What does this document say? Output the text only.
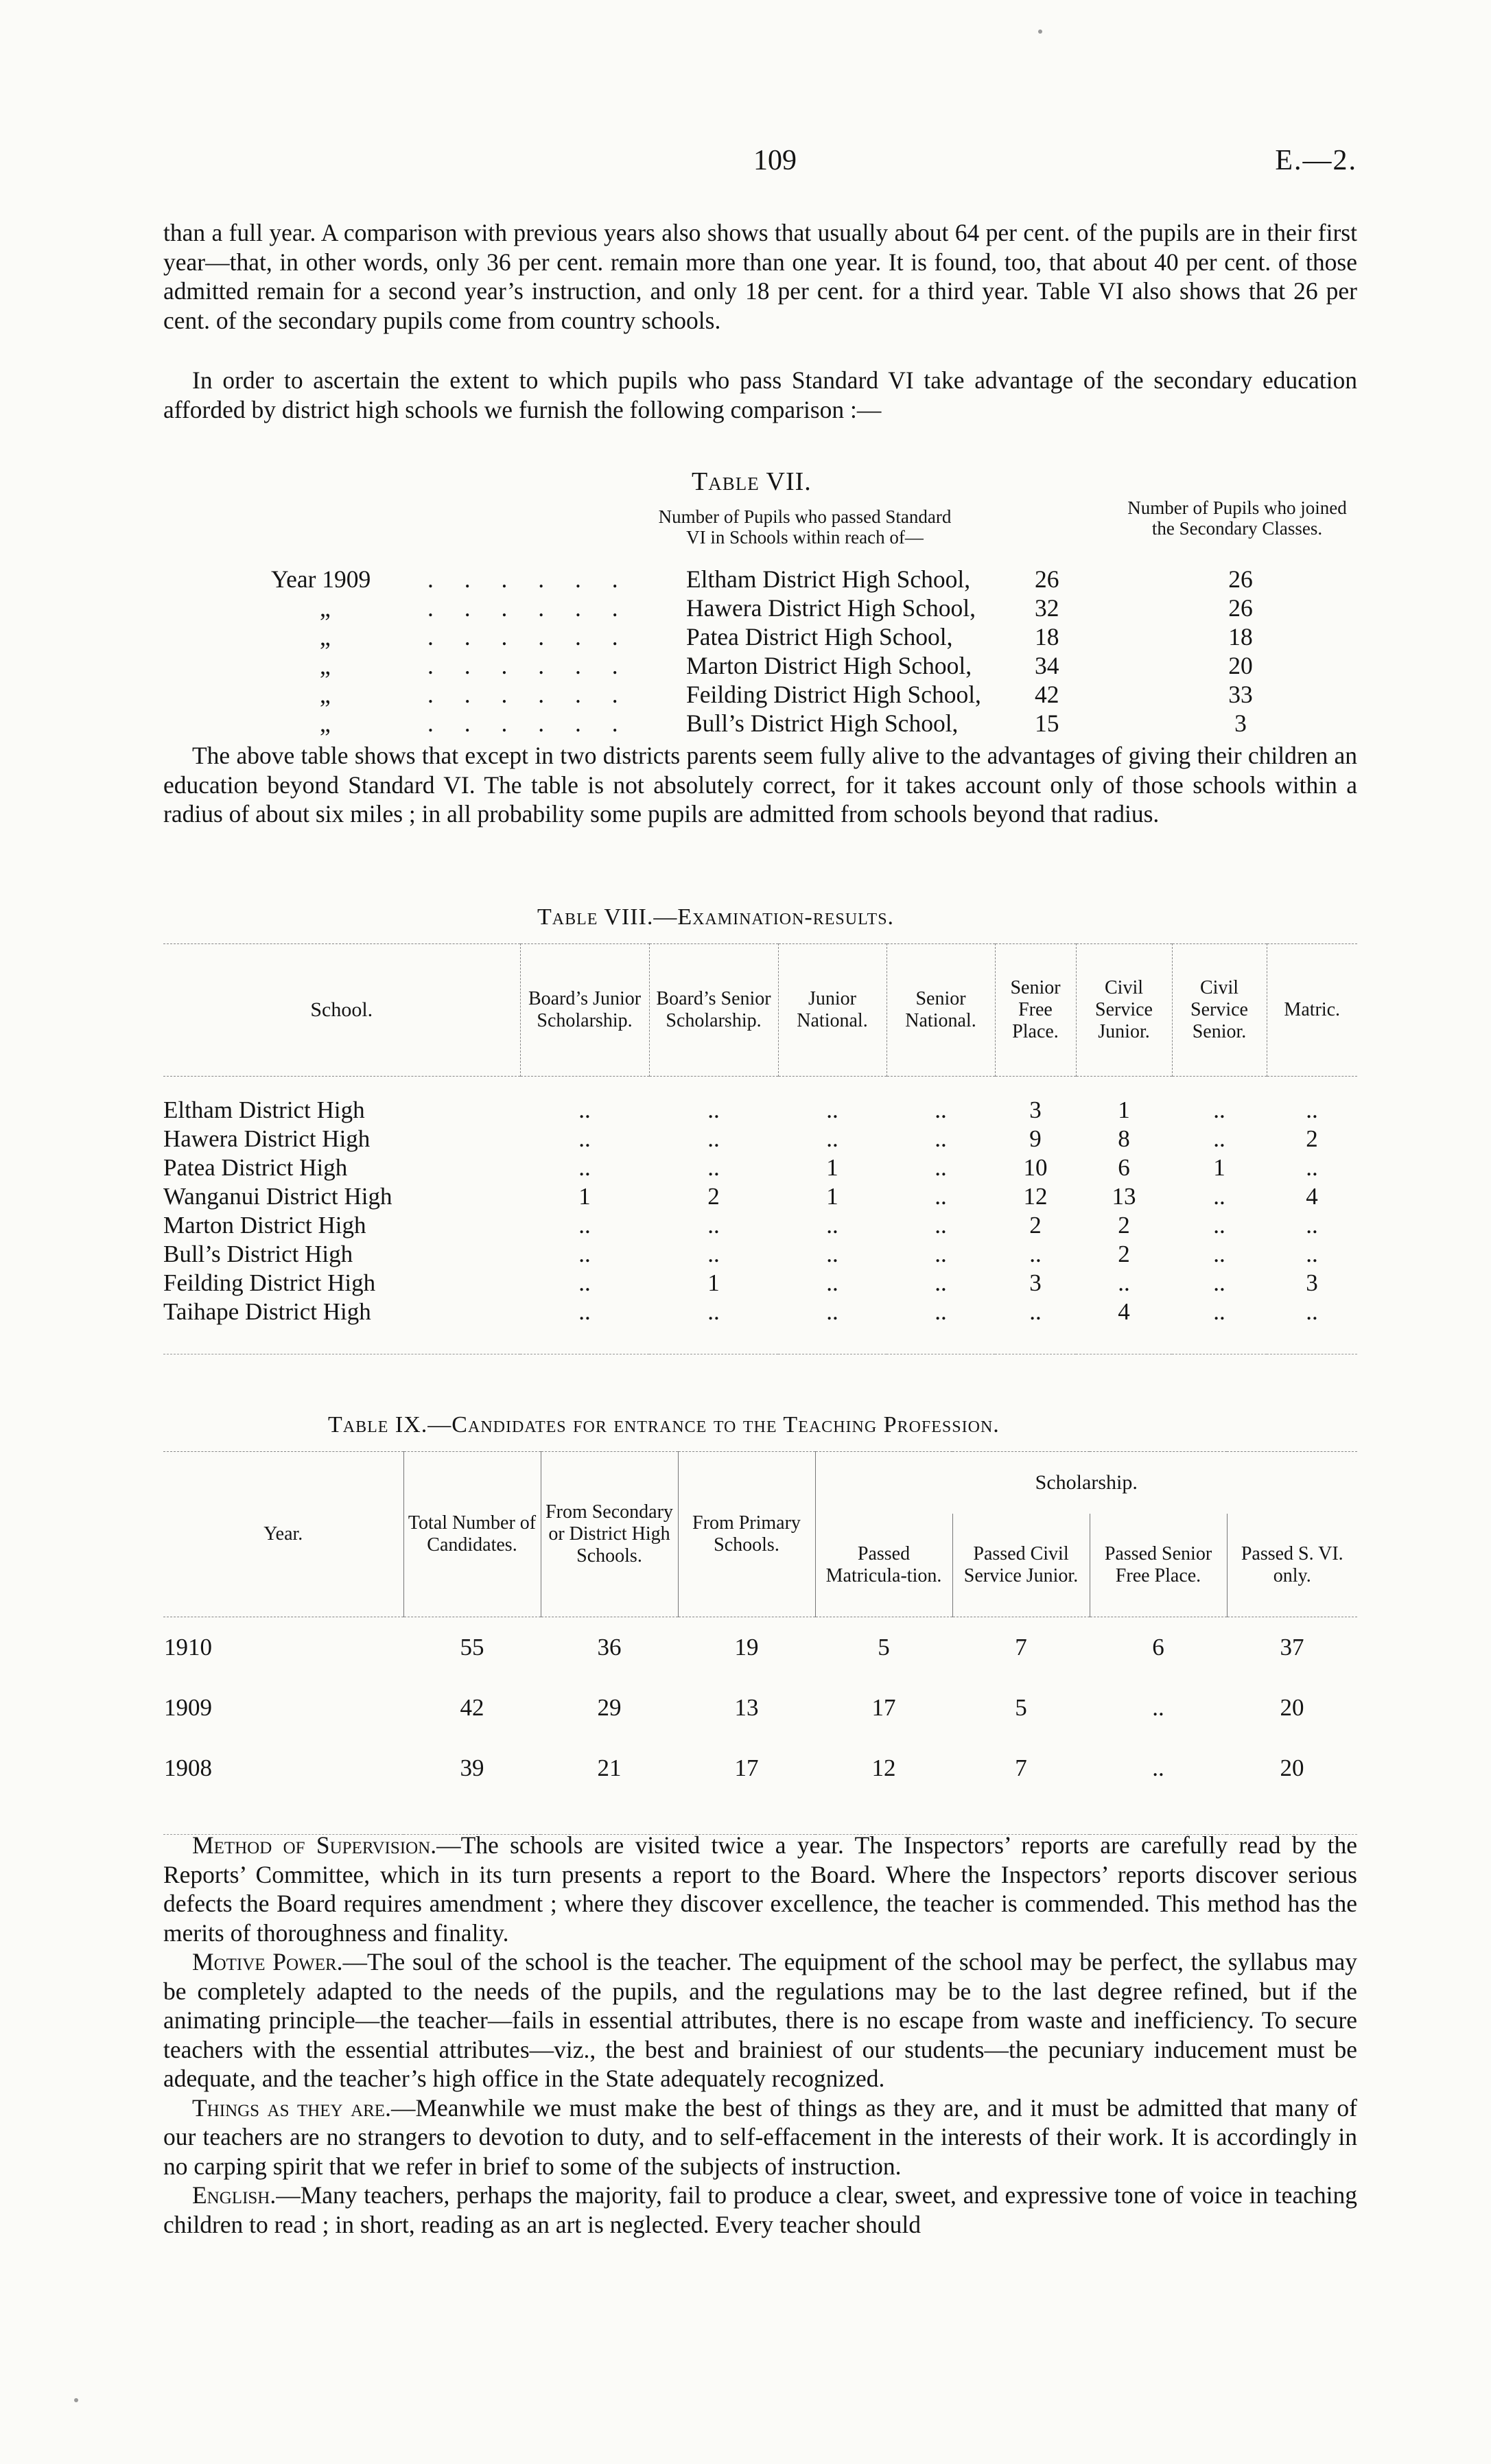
109	E.—2.

than a full year. A comparison with previous years also shows that usually about 64 per cent. of the pupils are in their first year—that, in other words, only 36 per cent. remain more than one year. It is found, too, that about 40 per cent. of those admitted remain for a second year’s instruction, and only 18 per cent. for a third year. Table VI also shows that 26 per cent. of the secondary pupils come from country schools.

In order to ascertain the extent to which pupils who pass Standard VI take advantage of the secondary education afforded by district high schools we furnish the following comparison :—

Table VII.
Number of Pupils who passed Standard VI in Schools within reach of—
Number of Pupils who joined the Secondary Classes.
Year 1909 . . . . . . Eltham District High School,	26	26
„	. . . . . . Hawera District High School, 32	26
„	. . . . . . Patea District High School,	18	18
„	. . . . . . Marton District High School,	34	20
„	. . . . . . Feilding District High School, 42	33
„	. . . . . . Bull’s District High School,	15	3

The above table shows that except in two districts parents seem fully alive to the advantages of giving their children an education beyond Standard VI. The table is not absolutely correct, for it takes account only of those schools within a radius of about six miles ; in all probability some pupils are admitted from schools beyond that radius.

Table VIII.—Examination-results.
School.	Board’s Junior Scholarship.	Board’s Senior Scholarship.	Junior National.	Senior National.	Senior Free Place.	Civil Service Junior.	Civil Service Senior.	Matric.

Eltham District High	..	..	..	..	3	1	..	..
Hawera District High	..	..	..	..	9	8	..	2
Patea District High	..	..	1	..	10	6	1	..
Wanganui District High	1	2	1	..	12	13	..	4
Marton District High	..	..	..	..	2	2	..	..
Bull’s District High	..	..	..	..	..	2	..	..
Feilding District High	..	1	..	..	3	..	..	3
Taihape District High	..	..	..	..	..	4	..	..

Table IX.—Candidates for entrance to the Teaching Profession.
Year.	Total Number of Candidates.	From Secondary or District High Schools.	From Primary Schools.	Scholarship.			
				Passed Matricula-tion.	Passed Civil Service Junior.	Passed Senior Free Place.	Passed S. VI. only.
1910	55	36	19	5	7	6	37
1909	42	29	13	17	5	..	20
1908	39	21	17	12	7	..	20

Method of Supervision.—The schools are visited twice a year. The Inspectors’ reports are carefully read by the Reports’ Committee, which in its turn presents a report to the Board. Where the Inspectors’ reports discover serious defects the Board requires amendment ; where they discover excellence, the teacher is commended. This method has the merits of thoroughness and finality.

Motive Power.—The soul of the school is the teacher. The equipment of the school may be perfect, the syllabus may be completely adapted to the needs of the pupils, and the regulations may be to the last degree refined, but if the animating principle—the teacher—fails in essential attributes, there is no escape from waste and inefficiency. To secure teachers with the essential attributes—viz., the best and brainiest of our students—the pecuniary inducement must be adequate, and the teacher’s high office in the State adequately recognized.

Things as they are.—Meanwhile we must make the best of things as they are, and it must be admitted that many of our teachers are no strangers to devotion to duty, and to self-effacement in the interests of their work. It is accordingly in no carping spirit that we refer in brief to some of the subjects of instruction.

English.—Many teachers, perhaps the majority, fail to produce a clear, sweet, and expressive tone of voice in teaching children to read ; in short, reading as an art is neglected. Every teacher should
